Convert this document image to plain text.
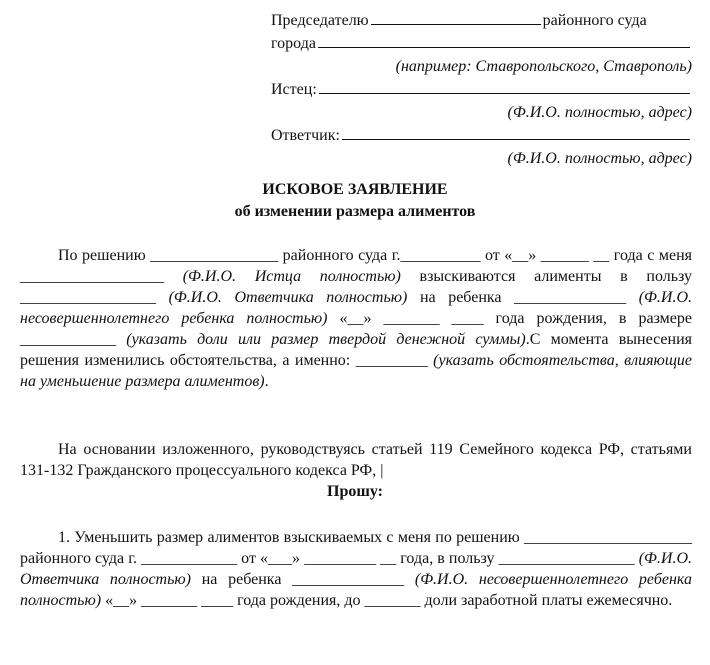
Председателю	районного суда
города
(например: Ставропольского, Ставрополь)
Истец:
(Ф.И.О. полностью, адрес)
Ответчик:
(Ф.И.О. полностью, адрес)
ИСКОВОЕ ЗАЯВЛЕНИЕ
об изменении размера алиментов
По решению ________________ районного суда г.__________ от «__» ______ __ года с меня __________________ (Ф.И.О. Истца полностью) взыскиваются алименты в пользу _________________ (Ф.И.О. Ответчика полностью) на ребенка ______________ (Ф.И.О. несовершеннолетнего ребенка полностью) «__» _______ ____ года рождения, в размере ____________ (указать доли или размер твердой денежной суммы).С момента вынесения решения изменились обстоятельства, а именно: _________ (указать обстоятельства, влияющие на уменьшение размера алиментов).
На основании изложенного, руководствуясь статьей 119 Семейного кодекса РФ, статьями 131-132 Гражданского процессуального кодекса РФ, |
Прошу:
1. Уменьшить размер алиментов взыскиваемых с меня по решению _____________________ районного суда г. ____________ от «___» _________ __ года, в пользу _________________ (Ф.И.О. Ответчика полностью) на ребенка ______________ (Ф.И.О. несовершеннолетнего ребенка полностью) «__» _______ ____ года рождения, до _______ доли заработной платы ежемесячно.
